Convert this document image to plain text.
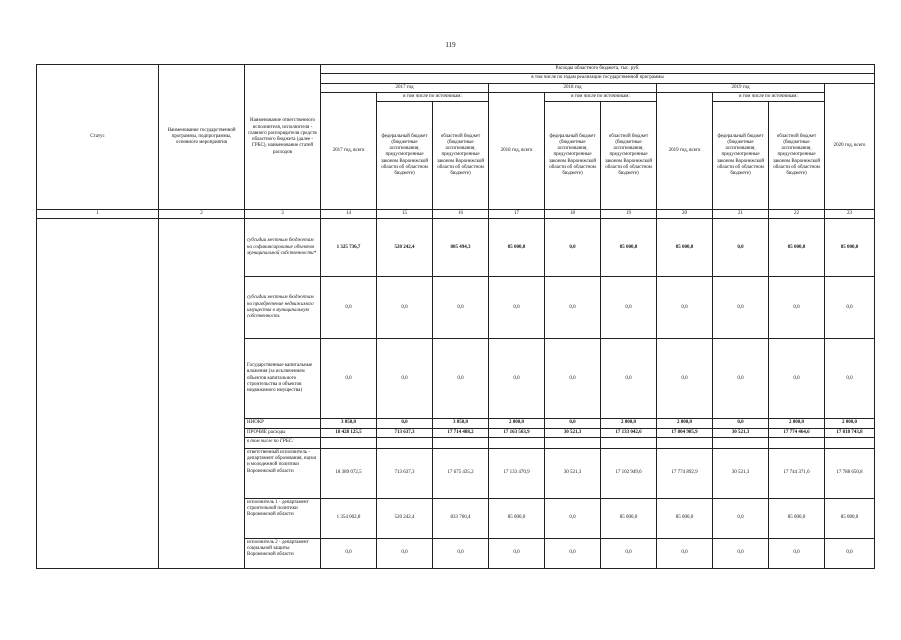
119
Статус	Наименование государственной программы, подпрограммы, основного мероприятия	Наименование ответственного исполнителя, исполнителя - главного распорядителя средств областного бюджета (далее - ГРБС), наименование статей расходов	Расходы областного бюджета, тыс. руб.									
			в том числе по годам реализации государственной программы									
			2017 год			2018 год			2019 год			2020 год, всего
			2017 год, всего	в том числе по источникам:		2018 год, всего	в том числе по источникам:		2019 год, всего	в том числе по источникам:		
				федеральный бюджет (бюджетные ассигнования, предусмотренные законом Воронежской области об областном бюджете)	областной бюджет (бюджетные ассигнования, предусмотренные законом Воронежской области об областном бюджете)		федеральный бюджет (бюджетные ассигнования, предусмотренные законом Воронежской области об областном бюджете)	областной бюджет (бюджетные ассигнования, предусмотренные законом Воронежской области об областном бюджете)		федеральный бюджет (бюджетные ассигнования, предусмотренные законом Воронежской области об областном бюджете)	областной бюджет (бюджетные ассигнования, предусмотренные законом Воронежской области об областном бюджете)	
1	2	3	14	15	16	17	18	19	20	21	22	23
		субсидии местным бюджетам на софинансирование объектов муниципальной собственности*	1 325 736,7	520 242,4	805 494,3	85 000,0	0,0	85 000,0	85 000,0	0,0	85 000,0	85 000,0
		субсидии местным бюджетам на приобретение недвижимого имущества в муниципальную собственность	0,0	0,0	0,0	0,0	0,0	0,0	0,0	0,0	0,0	0,0
		Государственные капитальные вложения (за исключением объектов капитального строительства и объектов недвижимого имущества)	0,0	0,0	0,0	0,0	0,0	0,0	0,0	0,0	0,0	0,0
		НИОКР	3 850,0	0,0	3 850,0	2 000,0	0,0	2 000,0	2 000,0	0,0	2 000,0	2 000,0
		ПРОЧИЕ расходы	18 428 125,5	713 637,3	17 714 488,2	17 163 563,9	30 521,3	17 133 042,6	17 804 985,9	30 521,3	17 774 464,6	17 818 743,8
		в том числе по ГРБС:										
		ответственный исполнитель - департамент образования, науки и молодежной политики Воронежской области	18 389 072,5	713 637,3	17 675 435,2	17 133 470,9	30 521,3	17 102 949,6	17 774 892,9	30 521,3	17 744 371,6	17 788 650,8
		исполнитель 1 - департамент строительной политики Воронежской области	1 354 002,8	520 242,4	833 760,4	85 000,0	0,0	85 000,0	85 000,0	0,0	85 000,0	85 000,0
		исполнитель 2 - департамент социальной защиты Воронежской области	0,0	0,0	0,0	0,0	0,0	0,0	0,0	0,0	0,0	0,0
